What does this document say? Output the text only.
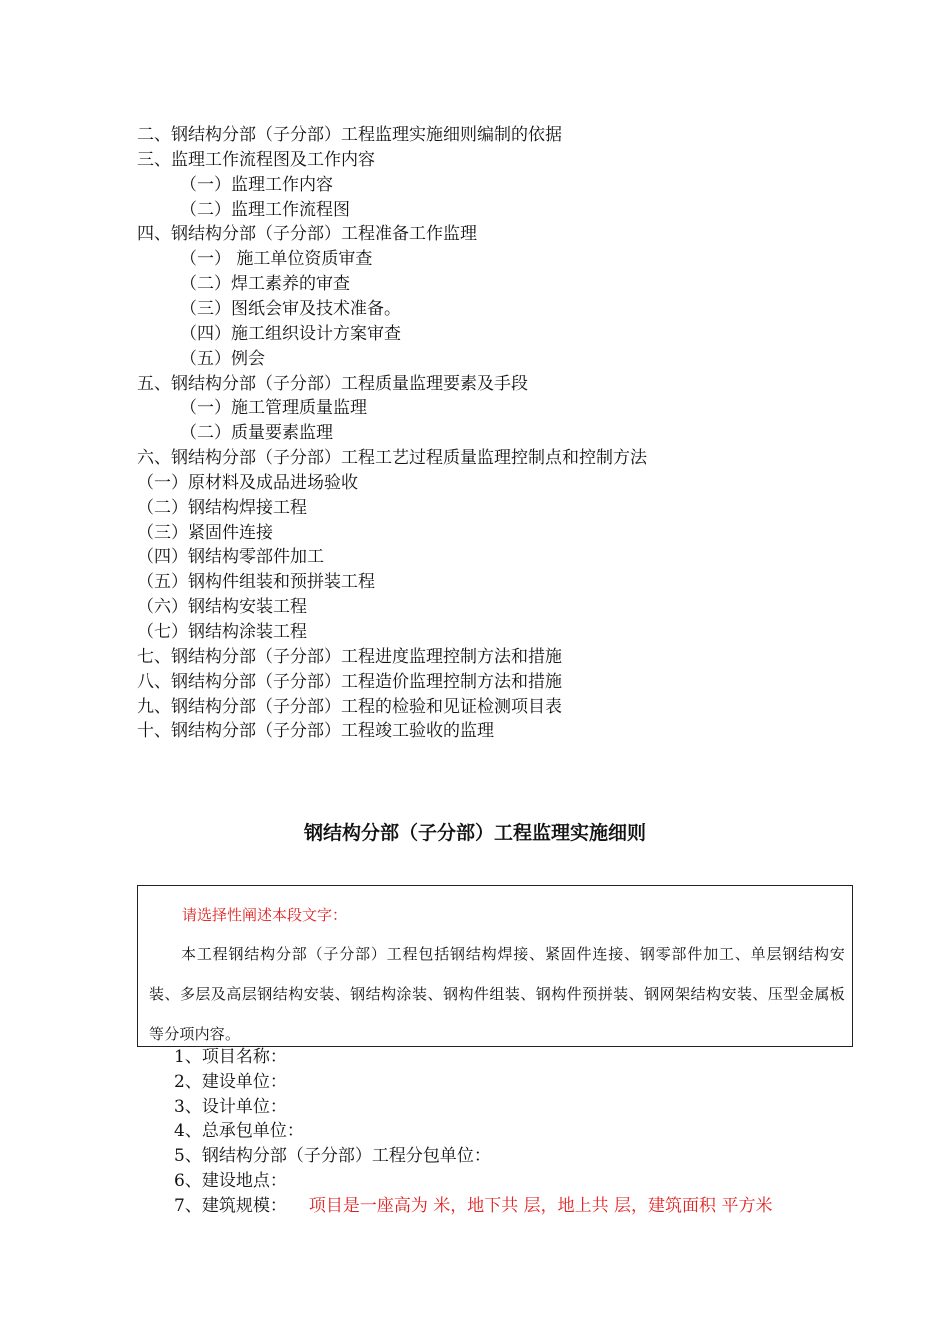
二、钢结构分部（子分部）工程监理实施细则编制的依据
三、监理工作流程图及工作内容
（一）监理工作内容
（二）监理工作流程图
四、钢结构分部（子分部）工程准备工作监理
（一） 施工单位资质审查
（二）焊工素养的审查
（三）图纸会审及技术准备。
（四）施工组织设计方案审查
（五）例会
五、钢结构分部（子分部）工程质量监理要素及手段
（一）施工管理质量监理
（二）质量要素监理
六、钢结构分部（子分部）工程工艺过程质量监理控制点和控制方法
（一）原材料及成品进场验收
（二）钢结构焊接工程
（三）紧固件连接
（四）钢结构零部件加工
（五）钢构件组装和预拼装工程
（六）钢结构安装工程
（七）钢结构涂装工程
七、钢结构分部（子分部）工程进度监理控制方法和措施
八、钢结构分部（子分部）工程造价监理控制方法和措施
九、钢结构分部（子分部）工程的检验和见证检测项目表
十、钢结构分部（子分部）工程竣工验收的监理
钢结构分部（子分部）工程监理实施细则
请选择性阐述本段文字：
本工程钢结构分部（子分部）工程包括钢结构焊接、紧固件连接、钢零部件加工、单层钢结构安装、多层及高层钢结构安装、钢结构涂装、钢构件组装、钢构件预拼装、钢网架结构安装、压型金属板等分项内容。
1、项目名称：
2、建设单位：
3、设计单位：
4、总承包单位：
5、钢结构分部（子分部）工程分包单位：
6、建设地点：
7、建筑规模： 项目是一座高为 米，地下共 层，地上共 层，建筑面积 平方米
